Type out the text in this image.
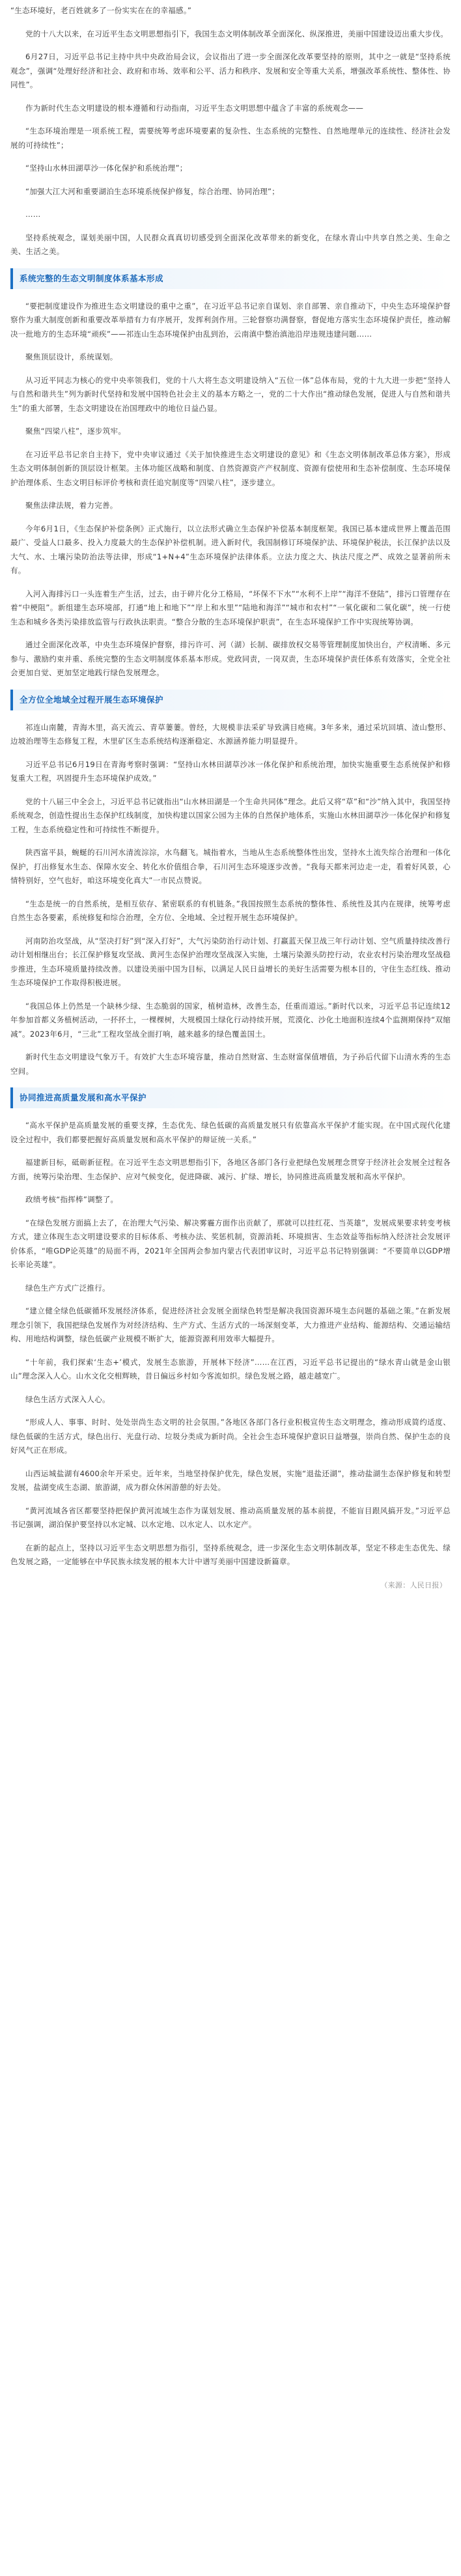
“生态环境好，老百姓就多了一份实实在在的幸福感。”

党的十八大以来，在习近平生态文明思想指引下，我国生态文明体制改革全面深化、纵深推进，美丽中国建设迈出重大步伐。

6月27日，习近平总书记主持中共中央政治局会议，会议指出了进一步全面深化改革要坚持的原则，其中之一就是“坚持系统观念”，强调“处理好经济和社会、政府和市场、效率和公平、活力和秩序、发展和安全等重大关系，增强改革系统性、整体性、协同性”。

作为新时代生态文明建设的根本遵循和行动指南，习近平生态文明思想中蕴含了丰富的系统观念——

“生态环境治理是一项系统工程，需要统筹考虑环境要素的复杂性、生态系统的完整性、自然地理单元的连续性、经济社会发展的可持续性”；

“坚持山水林田湖草沙一体化保护和系统治理”；

“加强大江大河和重要湖泊生态环境系统保护修复，综合治理、协同治理”；

……

坚持系统观念，谋划美丽中国，人民群众真真切切感受到全面深化改革带来的新变化，在绿水青山中共享自然之美、生命之美、生活之美。

系统完整的生态文明制度体系基本形成

“要把制度建设作为推进生态文明建设的重中之重”，在习近平总书记亲自谋划、亲自部署、亲自推动下，中央生态环境保护督察作为重大制度创新和重要改革举措有力有序展开，发挥利剑作用。三轮督察功满督察，督促地方落实生态环境保护责任，推动解决一批地方的生态环境“顽疾”——祁连山生态环境保护由乱到治，云南滇中整治滇池沿岸违规违建问题……

聚焦顶层设计，系统谋划。

从习近平同志为核心的党中央率领我们，党的十八大将生态文明建设纳入“五位一体”总体布局，党的十九大进一步把“坚持人与自然和谐共生”列为新时代坚持和发展中国特色社会主义的基本方略之一，党的二十大作出“推动绿色发展，促进人与自然和谐共生”的重大部署，生态文明建设在治国理政中的地位日益凸显。

聚焦“四梁八柱”，逐步筑牢。

在习近平总书记亲自主持下，党中央审议通过《关于加快推进生态文明建设的意见》和《生态文明体制改革总体方案》，形成生态文明体制创新的顶层设计框架。主体功能区战略和制度、自然资源资产产权制度、资源有偿使用和生态补偿制度、生态环境保护治理体系、生态文明目标评价考核和责任追究制度等“四梁八柱”，逐步建立。

聚焦法律法规，着力完善。

今年6月1日，《生态保护补偿条例》正式施行，以立法形式确立生态保护补偿基本制度框架。我国已基本建成世界上覆盖范围最广、受益人口最多、投入力度最大的生态保护补偿机制。进入新时代，我国制修订环境保护法、环境保护税法，长江保护法以及大气、水、土壤污染防治法等法律，形成“1+N+4”生态环境保护法律体系。立法力度之大、执法尺度之严、成效之显著前所未有。

入河入海排污口一头连着生产生活，过去，由于碎片化分工格局，“坏保不下水”“水利不上岸”“海洋不登陆”，排污口管理存在着“中梗阻”。新组建生态环境部，打通“地上和地下”“岸上和水里”“陆地和海洋”“城市和农村”“一氧化碳和二氧化碳”，统一行使生态和城乡各类污染排放监管与行政执法职责。“整合分散的生态环境保护职责”，在生态环境保护工作中实现统筹协调。

通过全面深化改革，中央生态环境保护督察，排污许可、河（湖）长制、碳排放权交易等管理制度加快出台，产权清晰、多元参与、激励约束并重、系统完整的生态文明制度体系基本形成。党政同责，一岗双责，生态环境保护责任体系有效落实，全党全社会更加自觉、更加坚定地践行绿色发展理念。

全方位全地域全过程开展生态环境保护

祁连山南麓，青海木里，高天流云、青草萋萋。曾经，大规模非法采矿导致满目疮痍。3年多来，通过采坑回填、渣山整形、边坡治理等生态修复工程，木里矿区生态系统结构逐渐稳定、水源涵养能力明显提升。

习近平总书记6月19日在青海考察时强调：“坚持山水林田湖草沙冰一体化保护和系统治理，加快实施重要生态系统保护和修复重大工程，巩固提升生态环境保护成效。”

党的十八届三中全会上，习近平总书记就指出“山水林田湖是一个生命共同体”理念。此后又将“草”和“沙”纳入其中，我国坚持系统观念，创造性提出生态保护红线制度，加快构建以国家公园为主体的自然保护地体系，实施山水林田湖草沙一体化保护和修复工程，生态系统稳定性和可持续性不断提升。

陕西富平县，蜿蜒的石川河水清流淙淙，水鸟翻飞。城指着水，当地从生态系统整体性出发，坚持水土流失综合治理和一体化保护，打出修复水生态、保障水安全、转化水价值组合拳，石川河生态环境逐步改善。“我每天都来河边走一走，看着好风景，心情特别好，空气也好，咱这环境变化真大”一市民点赞说。

“生态是统一的自然系统，是相互依存、紧密联系的有机链条。”我国按照生态系统的整体性、系统性及其内在规律，统筹考虑自然生态各要素，系统修复和综合治理，全方位、全地域、全过程开展生态环境保护。

河南防治攻坚战，从“坚决打好”到“深入打好”，大气污染防治行动计划、打赢蓝天保卫战三年行动计划、空气质量持续改善行动计划相继出台；长江保护修复攻坚战、黄河生态保护治理攻坚战深入实施，土壤污染源头防控行动，农业农村污染治理攻坚战稳步推进，生态环境质量持续改善。以建设美丽中国为目标，以满足人民日益增长的美好生活需要为根本目的，守住生态红线、推动生态环境保护工作取得积极进展。

“我国总体上仍然是一个缺林少绿、生态脆弱的国家，植树造林，改善生态，任重而道远。”新时代以来，习近平总书记连续12年参加首都义务植树活动，一抔抔土，一棵棵树，大规模国土绿化行动持续开展，荒漠化、沙化土地面积连续4个监测期保持“双缩减”。2023年6月，“三北”工程攻坚战全面打响，越来越多的绿色覆盖国土。

新时代生态文明建设气象万千。有效扩大生态环境容量，推动自然财富、生态财富保值增值，为子孙后代留下山清水秀的生态空间。

协同推进高质量发展和高水平保护

“高水平保护是高质量发展的重要支撑，生态优先、绿色低碳的高质量发展只有依靠高水平保护才能实现。在中国式现代化建设全过程中，我们都要把握好高质量发展和高水平保护的辩证统一关系。”

福建新目标，砥砺新征程。在习近平生态文明思想指引下，各地区各部门各行业把绿色发展理念贯穿于经济社会发展全过程各方面，统筹污染治理、生态保护、应对气候变化，促进降碳、减污、扩绿、增长，协同推进高质量发展和高水平保护。

政绩考核“指挥棒”调整了。

“在绿色发展方面搞上去了，在治理大气污染、解决雾霾方面作出贡献了，那就可以挂红花、当英雄”，发展成果要求转变考核方式，建立体现生态文明建设要求的目标体系、考核办法、奖惩机制，资源消耗、环境损害、生态效益等指标纳入经济社会发展评价体系，“唯GDP论英雄”的局面不再，2021年全国两会参加内蒙古代表团审议时，习近平总书记特别强调：“不要简单以GDP增长率论英雄”。

绿色生产方式广泛推行。

“建立健全绿色低碳循环发展经济体系，促进经济社会发展全面绿色转型是解决我国资源环境生态问题的基础之策。”在新发展理念引领下，我国把绿色发展作为对经济结构、生产方式、生活方式的一场深刻变革，大力推进产业结构、能源结构、交通运输结构、用地结构调整，绿色低碳产业规模不断扩大，能源资源利用效率大幅提升。

“十年前，我们探索‘生态+’模式，发展生态旅游，开展林下经济”……在江西，习近平总书记提出的“绿水青山就是金山银山”理念深入人心。山水文化交相辉映，昔日偏远乡村如今客流如织。绿色发展之路，越走越宽广。

绿色生活方式深入人心。

“形成人人、事事、时时、处处崇尚生态文明的社会氛围。”各地区各部门各行业积极宣传生态文明理念，推动形成简约适度、绿色低碳的生活方式，绿色出行、光盘行动、垃圾分类成为新时尚。全社会生态环境保护意识日益增强，崇尚自然、保护生态的良好风气正在形成。

山西运城盐湖有4600余年开采史。近年来，当地坚持保护优先，绿色发展，实施“退盐还湖”，推动盐湖生态保护修复和转型发展，盐湖变成生态湖、旅游湖，成为群众休闲游憩的好去处。

“黄河流域各省区都要坚持把保护黄河流域生态作为谋划发展、推动高质量发展的基本前提，不能盲目跟风搞开发。”习近平总书记强调，湖泊保护要坚持以水定城、以水定地、以水定人、以水定产。

在新的起点上，坚持以习近平生态文明思想为指引，坚持系统观念，进一步深化生态文明体制改革，坚定不移走生态优先、绿色发展之路，一定能够在中华民族永续发展的根本大计中谱写美丽中国建设新篇章。

（来源：人民日报）
